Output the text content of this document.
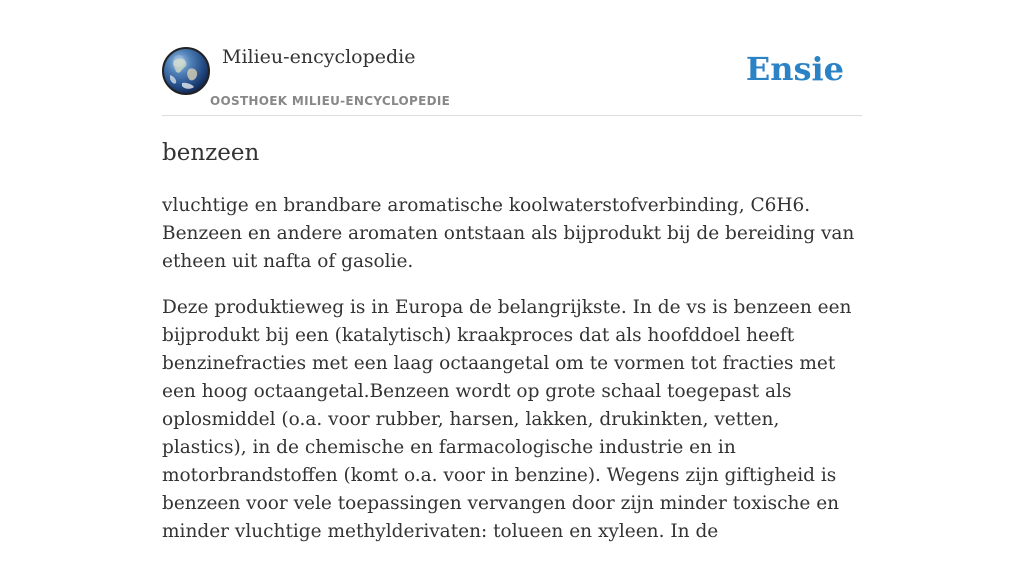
Milieu-encyclopedie
OOSTHOEK MILIEU-ENCYCLOPEDIE
Ensie
benzeen

vluchtige en brandbare aromatische koolwaterstofverbinding, C6H6. Benzeen en andere aromaten ontstaan als bijprodukt bij de bereiding van etheen uit nafta of gasolie.

Deze produktieweg is in Europa de belangrijkste. In de vs is benzeen een bijprodukt bij een (katalytisch) kraakproces dat als hoofddoel heeft benzinefracties met een laag octaangetal om te vormen tot fracties met een hoog octaangetal.Benzeen wordt op grote schaal toegepast als oplosmiddel (o.a. voor rubber, harsen, lakken, drukinkten, vetten, plastics), in de chemische en farmacologische industrie en in motorbrandstoffen (komt o.a. voor in benzine). Wegens zijn giftigheid is benzeen voor vele toepassingen vervangen door zijn minder toxische en minder vluchtige methylderivaten: tolueen en xyleen. In de
